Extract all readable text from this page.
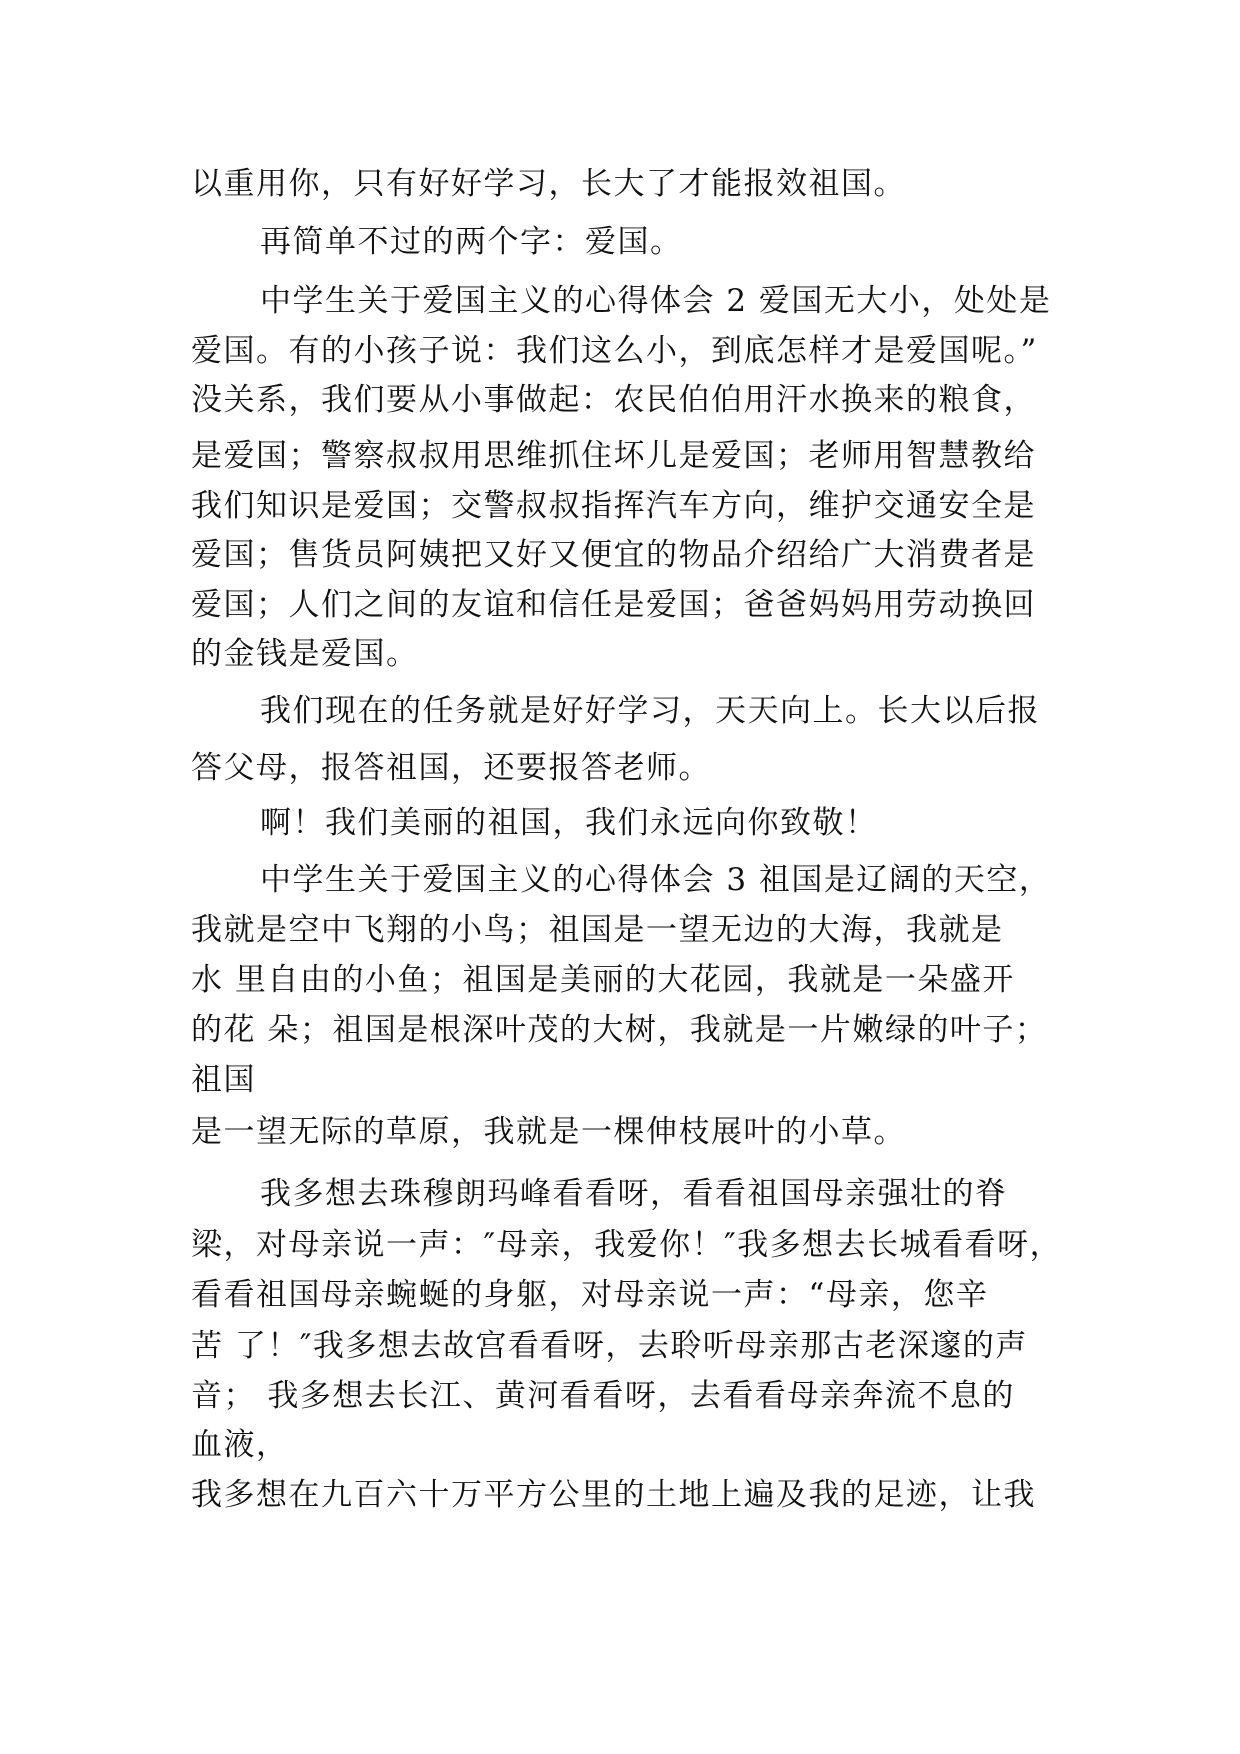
以重用你，只有好好学习，长大了才能报效祖国。
再简单不过的两个字：爱国。
中学生关于爱国主义的心得体会 2 爱国无大小，处处是
爱国。有的小孩子说：我们这么小，到底怎样才是爱国呢。”
没关系，我们要从小事做起：农民伯伯用汗水换来的粮食，
是爱国；警察叔叔用思维抓住坏儿是爱国；老师用智慧教给
我们知识是爱国；交警叔叔指挥汽车方向，维护交通安全是
爱国；售货员阿姨把又好又便宜的物品介绍给广大消费者是
爱国；人们之间的友谊和信任是爱国；爸爸妈妈用劳动换回
的金钱是爱国。
我们现在的任务就是好好学习，天天向上。长大以后报
答父母，报答祖国，还要报答老师。
啊！我们美丽的祖国，我们永远向你致敬！
中学生关于爱国主义的心得体会 3 祖国是辽阔的天空，
我就是空中飞翔的小鸟；祖国是一望无边的大海，我就是
水 里自由的小鱼；祖国是美丽的大花园，我就是一朵盛开
的花 朵；祖国是根深叶茂的大树，我就是一片嫩绿的叶子；
祖国
是一望无际的草原，我就是一棵伸枝展叶的小草。
我多想去珠穆朗玛峰看看呀，看看祖国母亲强壮的脊
梁，对母亲说一声：″母亲，我爱你！″我多想去长城看看呀，
看看祖国母亲蜿蜒的身躯，对母亲说一声：“母亲，您辛
苦 了！″我多想去故宫看看呀，去聆听母亲那古老深邃的声
音； 我多想去长江、黄河看看呀，去看看母亲奔流不息的
血液，
我多想在九百六十万平方公里的土地上遍及我的足迹，让我
